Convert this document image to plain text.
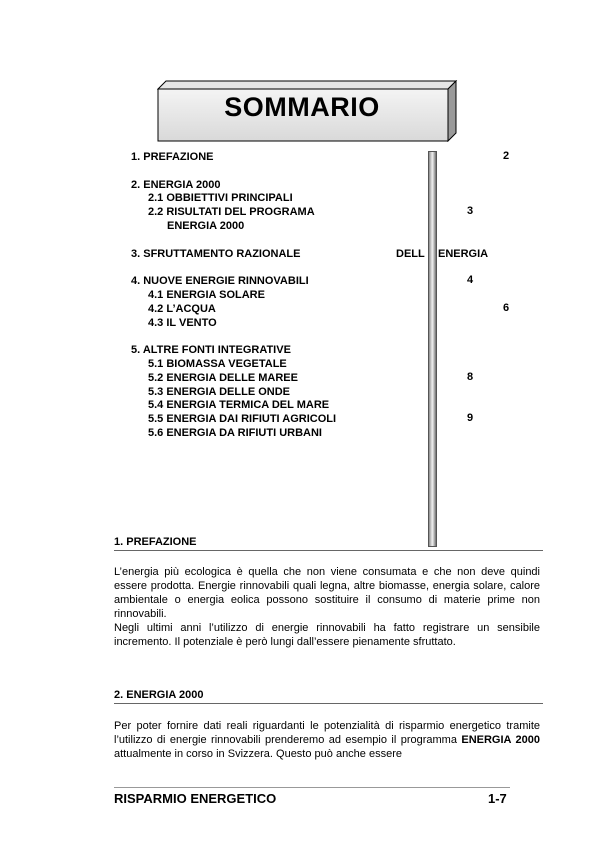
SOMMARIO
1. PREFAZIONE	2
2. ENERGIA 2000
2.1 OBBIETTIVI PRINCIPALI
2.2 RISULTATI DEL PROGRAMA	3
ENERGIA 2000
3. SFRUTTAMENTO RAZIONALE	DELL ENERGIA
4. NUOVE ENERGIE RINNOVABILI	4
4.1 ENERGIA SOLARE
4.2 L’ACQUA	6
4.3 IL VENTO
5. ALTRE FONTI INTEGRATIVE
5.1 BIOMASSA VEGETALE
5.2 ENERGIA DELLE MAREE	8
5.3 ENERGIA DELLE ONDE
5.4 ENERGIA TERMICA DEL MARE
5.5 ENERGIA DAI RIFIUTI AGRICOLI	9
5.6 ENERGIA DA RIFIUTI URBANI
1. PREFAZIONE
L’energia più ecologica è quella che non viene consumata e che non deve quindi essere prodotta. Energie rinnovabili quali legna, altre biomasse, energia solare, calore ambientale o energia eolica possono sostituire il consumo di materie prime non rinnovabili.
Negli ultimi anni l’utilizzo di energie rinnovabili ha fatto registrare un sensibile incremento. Il potenziale è però lungi dall’essere pienamente sfruttato.
2. ENERGIA 2000
Per poter fornire dati reali riguardanti le potenzialità di risparmio energetico tramite l’utilizzo di energie rinnovabili prenderemo ad esempio il programma ENERGIA 2000 attualmente in corso in Svizzera. Questo può anche essere
RISPARMIO ENERGETICO	1-7
